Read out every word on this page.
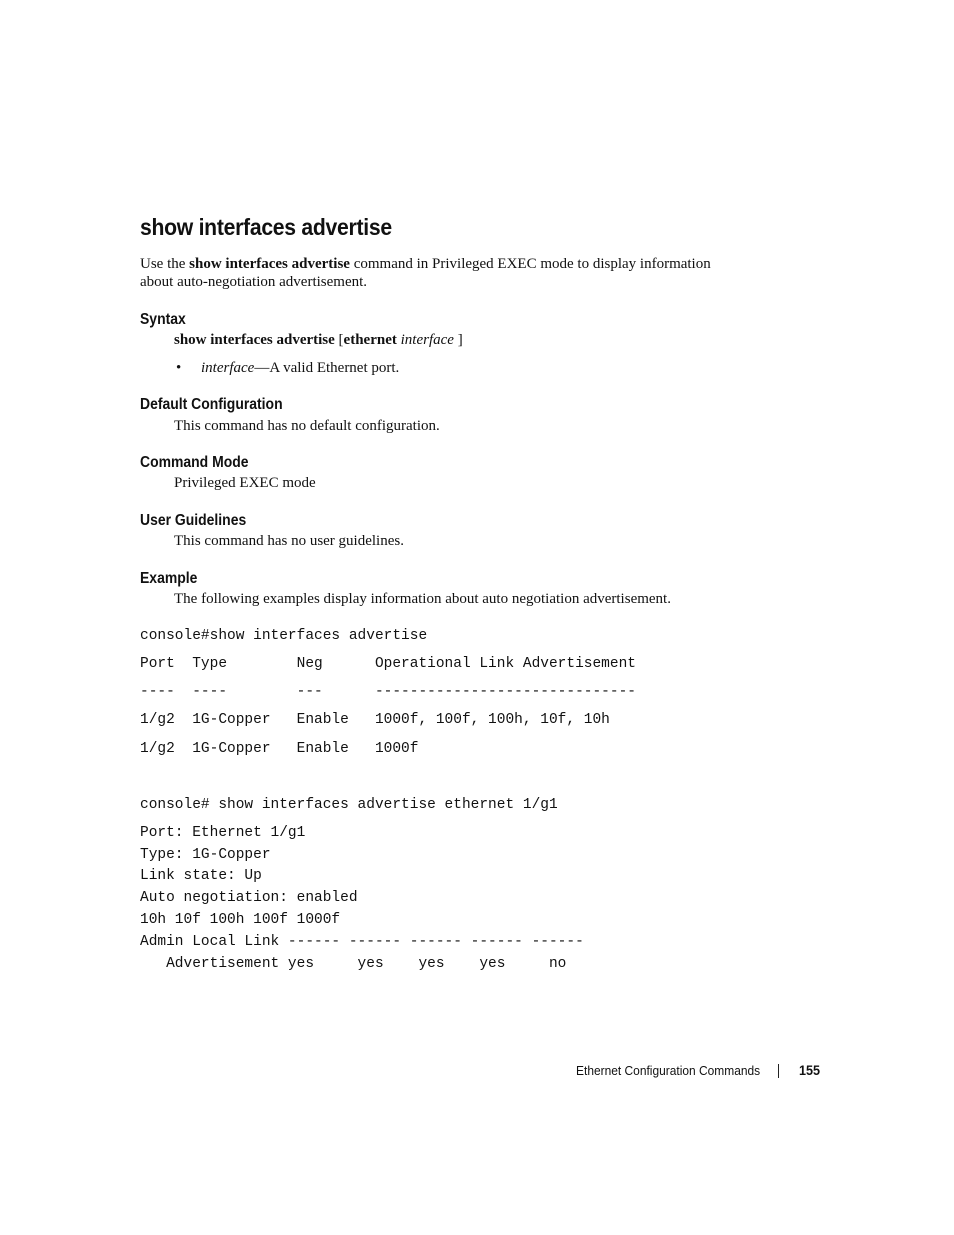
show interfaces advertise
Use the show interfaces advertise command in Privileged EXEC mode to display information
about auto-negotiation advertisement.
Syntax
show interfaces advertise [ethernet interface ]
• interface—A valid Ethernet port.
Default Configuration
This command has no default configuration.
Command Mode
Privileged EXEC mode
User Guidelines
This command has no user guidelines.
Example
The following examples display information about auto negotiation advertisement.
console#show interfaces advertise
Port  Type        Neg      Operational Link Advertisement
----  ----        ---      ------------------------------
1/g2  1G-Copper   Enable   1000f, 100f, 100h, 10f, 10h
1/g2  1G-Copper   Enable   1000f
console# show interfaces advertise ethernet 1/g1
Port: Ethernet 1/g1
Type: 1G-Copper
Link state: Up
Auto negotiation: enabled
10h 10f 100h 100f 1000f
Admin Local Link ------ ------ ------ ------ ------
Advertisement yes     yes    yes    yes     no
Ethernet Configuration Commands	155
